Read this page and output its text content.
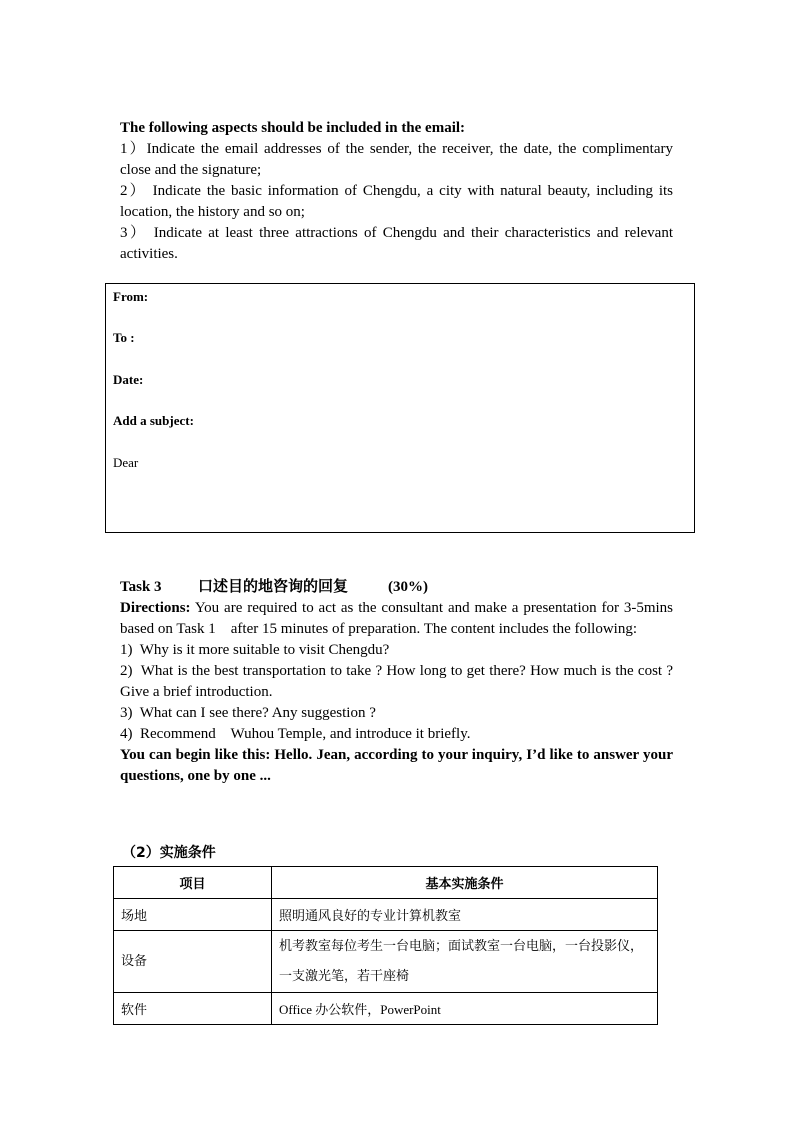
The following aspects should be included in the email:
1）Indicate the email addresses of the sender, the receiver, the date, the complimentary close and the signature;
2） Indicate the basic information of Chengdu, a city with natural beauty, including its location, the history and so on;
3） Indicate at least three attractions of Chengdu and their characteristics and relevant activities.
From:
To :
Date:
Add a subject:
Dear
Task 3 口述目的地咨询的回复	(30%)
Directions: You are required to act as the consultant and make a presentation for 3-5mins based on Task 1    after 15 minutes of preparation. The content includes the following:
1)  Why is it more suitable to visit Chengdu?
2)  What is the best transportation to take ? How long to get there? How much is the cost ? Give a brief introduction.
3)  What can I see there? Any suggestion ?
4)  Recommend    Wuhou Temple, and introduce it briefly.
You can begin like this: Hello. Jean, according to your inquiry, I’d like to answer your questions, one by one ...
（2）实施条件
项目	基本实施条件
场地	照明通风良好的专业计算机教室
设备	机考教室每位考生一台电脑；面试教室一台电脑，一台投影仪，一支激光笔，若干座椅
软件	Office 办公软件，PowerPoint
